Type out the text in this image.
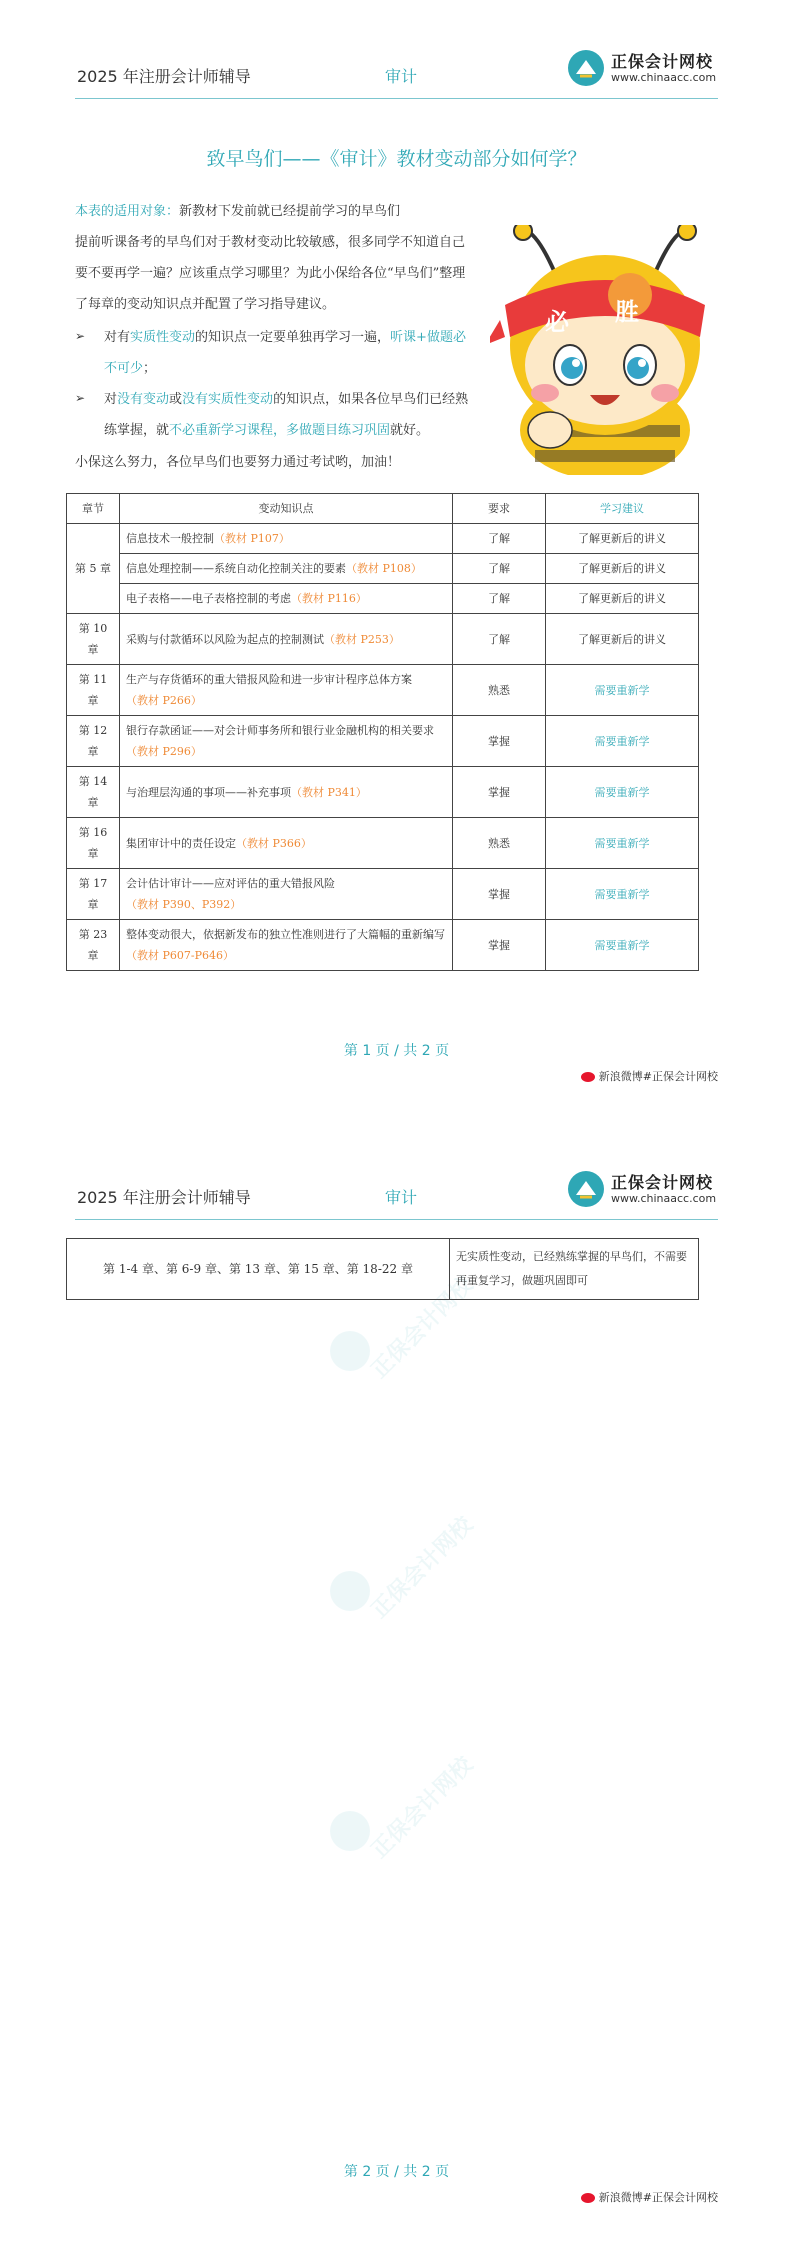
2025 年注册会计师辅导	审计
正保会计网校
www.chinaacc.com
致早鸟们——《审计》教材变动部分如何学？
本表的适用对象：新教材下发前就已经提前学习的早鸟们
提前听课备考的早鸟们对于教材变动比较敏感，很多同学不知道自己要不要再学一遍？应该重点学习哪里？为此小保给各位“早鸟们”整理了每章的变动知识点并配置了学习指导建议。
➢ 对有实质性变动的知识点一定要单独再学习一遍，听课+做题必不可少；
➢ 对没有变动或没有实质性变动的知识点，如果各位早鸟们已经熟练掌握，就不必重新学习课程，多做题目练习巩固就好。
小保这么努力，各位早鸟们也要努力通过考试哟，加油！
必 胜
章节	变动知识点	要求	学习建议
第 5 章	信息技术一般控制（教材 P107）	了解	了解更新后的讲义
	信息处理控制——系统自动化控制关注的要素（教材 P108）	了解	了解更新后的讲义
	电子表格——电子表格控制的考虑（教材 P116）	了解	了解更新后的讲义
第 10 章	采购与付款循环以风险为起点的控制测试（教材 P253）	了解	了解更新后的讲义
第 11 章	生产与存货循环的重大错报风险和进一步审计程序总体方案
（教材 P266）	熟悉	需要重新学
第 12 章	银行存款函证——对会计师事务所和银行业金融机构的相关要求（教材 P296）	掌握	需要重新学
第 14 章	与治理层沟通的事项——补充事项（教材 P341）	掌握	需要重新学
第 16 章	集团审计中的责任设定（教材 P366）	熟悉	需要重新学
第 17 章	会计估计审计——应对评估的重大错报风险（教材 P390、P392）	掌握	需要重新学
第 23 章	整体变动很大，依据新发布的独立性准则进行了大篇幅的重新编写（教材 P607-P646）	掌握	需要重新学
第 1 页 / 共 2 页
新浪微博#正保会计网校
2025 年注册会计师辅导	审计
正保会计网校
www.chinaacc.com
正保会计网校
正保会计网校
正保会计网校
第 2 页 / 共 2 页
新浪微博#正保会计网校
第 1-4 章、第 6-9 章、第 13 章、第 15 章、第 18-22 章	无实质性变动，已经熟练掌握的早鸟们，不需要再重复学习，做题巩固即可
